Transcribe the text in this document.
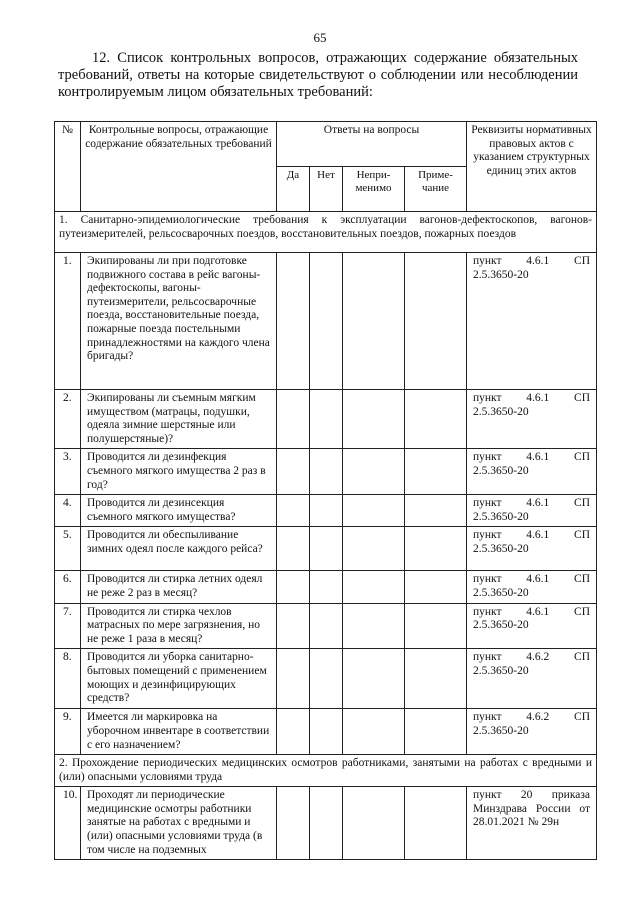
65
12. Список контрольных вопросов, отражающих содержание обязательных требований, ответы на которые свидетельствуют о соблюдении или несоблюдении контролируемым лицом обязательных требований:
№	Контрольные вопросы, отражающие содержание обязательных требований	Ответы на вопросы				Реквизиты нормативных правовых актов с указанием структурных единиц этих актов
		Да	Нет	Непри-менимо	Приме-чание	
1. Санитарно-эпидемиологические требования к эксплуатации вагонов-дефектоскопов, вагонов-путеизмерителей, рельсосварочных поездов, восстановительных поездов, пожарных поездов						
1.	Экипированы ли при подготовке подвижного состава в рейс вагоны-дефектоскопы, вагоны-путеизмерители, рельсосварочные поезда, восстановительные поезда, пожарные поезда постельными принадлежностями на каждого члена бригады?					пункт 4.6.1 СП
2.5.3650-20

2.	Экипированы ли съемным мягким имуществом (матрацы, подушки, одеяла зимние шерстяные или полушерстяные)?					пункт 4.6.1 СП
2.5.3650-20

3.	Проводится ли дезинфекция съемного мягкого имущества 2 раз в год?					пункт 4.6.1 СП
2.5.3650-20

4.	Проводится ли дезинсекция съемного мягкого имущества?					пункт 4.6.1 СП
2.5.3650-20

5.	Проводится ли обеспыливание зимних одеял после каждого рейса?					пункт 4.6.1 СП
2.5.3650-20

6.	Проводится ли стирка летних одеял не реже 2 раз в месяц?					пункт 4.6.1 СП
2.5.3650-20

7.	Проводится ли стирка чехлов матрасных по мере загрязнения, но не реже 1 раза в месяц?					пункт 4.6.1 СП
2.5.3650-20

8.	Проводится ли уборка санитарно-бытовых помещений с применением моющих и дезинфицирующих средств?					пункт 4.6.2 СП
2.5.3650-20

9.	Имеется ли маркировка на уборочном инвентаре в соответствии с его назначением?					пункт 4.6.2 СП
2.5.3650-20

2. Прохождение периодических медицинских осмотров работниками, занятыми на работах с вредными и (или) опасными условиями труда						
10.	Проходят ли периодические медицинские осмотры работники занятые на работах с вредными и (или) опасными условиями труда (в том числе на подземных					пункт 20 приказа Минздрава России от 28.01.2021 № 29н
